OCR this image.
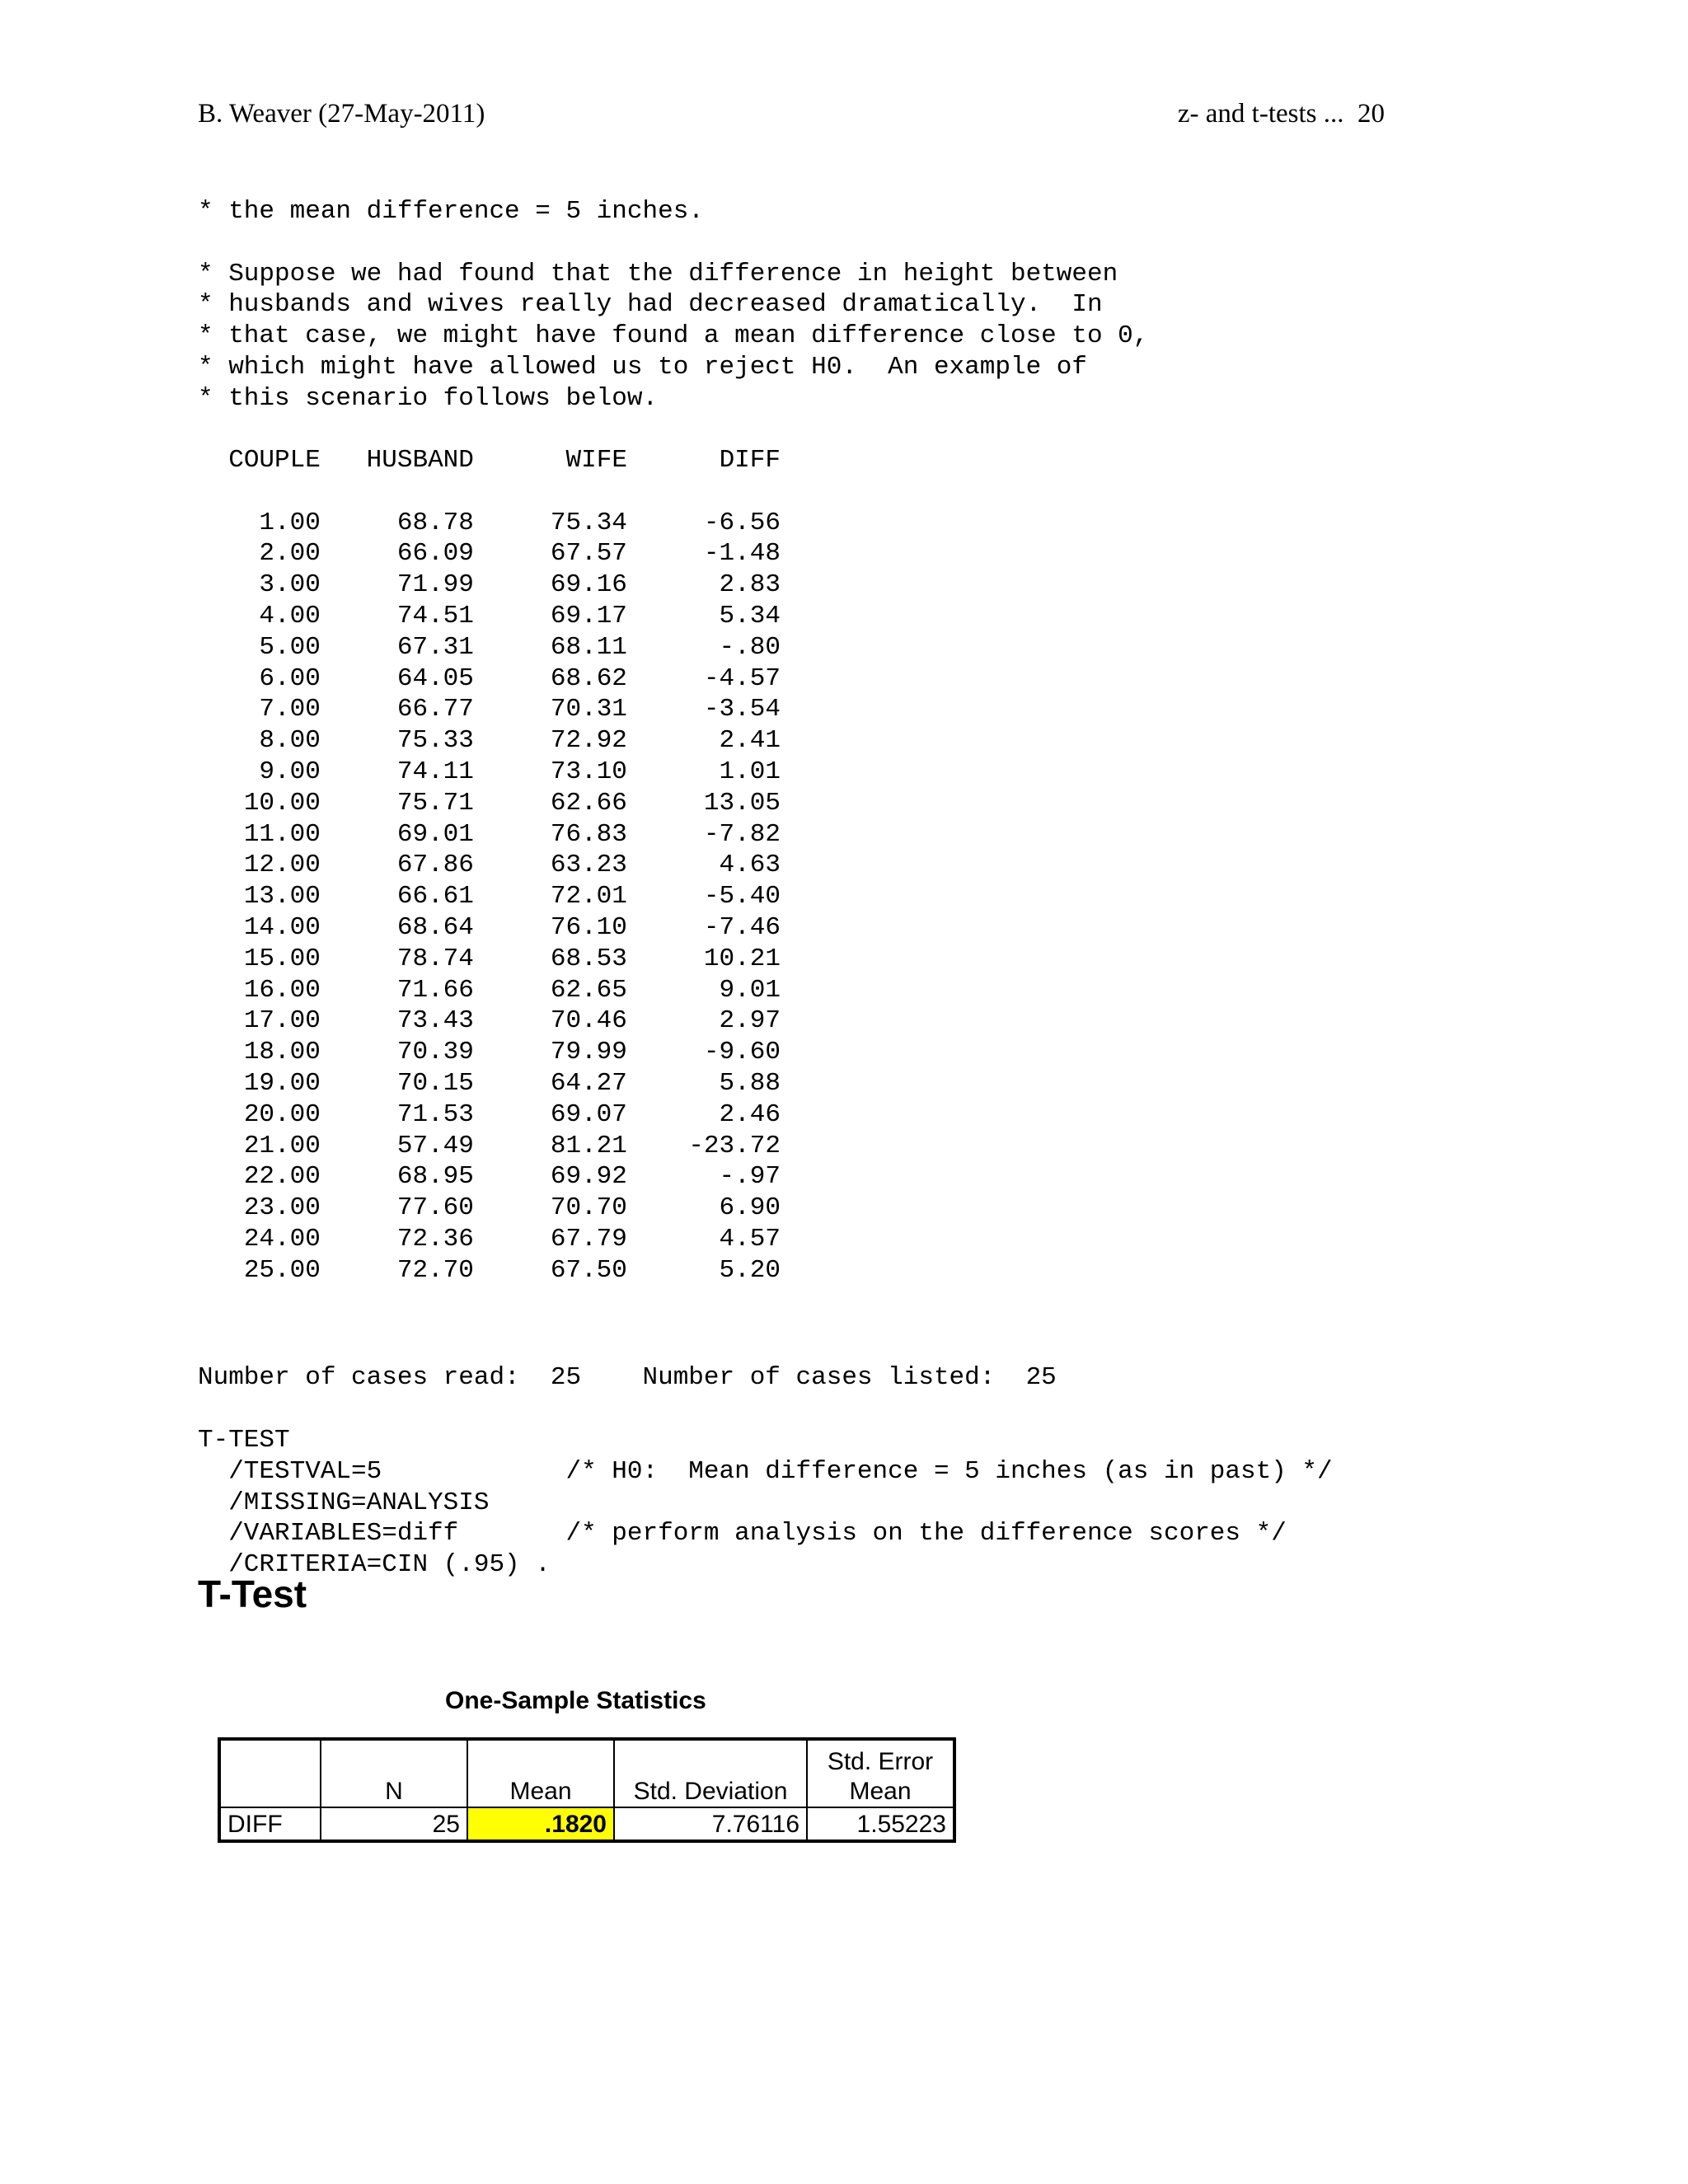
B. Weaver (27-May-2011)	z- and t-tests ...  20
* the mean difference = 5 inches.

* Suppose we had found that the difference in height between
* husbands and wives really had decreased dramatically.  In
* that case, we might have found a mean difference close to 0,
* which might have allowed us to reject H0.  An example of
* this scenario follows below.
COUPLE HUSBAND	WIFE	DIFF

1.00	68.78	75.34	-6.56
2.00	66.09	67.57	-1.48
3.00	71.99	69.16	2.83
4.00	74.51	69.17	5.34
5.00	67.31	68.11	-.80
6.00	64.05	68.62	-4.57
7.00	66.77	70.31	-3.54
8.00	75.33	72.92	2.41
9.00	74.11	73.10	1.01
10.00	75.71	62.66	13.05
11.00	69.01	76.83	-7.82
12.00	67.86	63.23	4.63
13.00	66.61	72.01	-5.40
14.00	68.64	76.10	-7.46
15.00	78.74	68.53	10.21
16.00	71.66	62.65	9.01
17.00	73.43	70.46	2.97
18.00	70.39	79.99	-9.60
19.00	70.15	64.27	5.88
20.00	71.53	69.07	2.46
21.00	57.49	81.21 -23.72
22.00	68.95	69.92	-.97
23.00	77.60	70.70	6.90
24.00	72.36	67.79	4.57
25.00	72.70	67.50	5.20
Number of cases read:  25    Number of cases listed:  25
T-TEST
/TESTVAL=5            /* H0:  Mean difference = 5 inches (as in past) */
/MISSING=ANALYSIS
/VARIABLES=diff       /* perform analysis on the difference scores */
/CRITERIA=CIN (.95) .
T-Test
One-Sample Statistics
	N	Mean	Std. Deviation	Std. Error
Mean
DIFF	25	.1820	7.76116	1.55223
